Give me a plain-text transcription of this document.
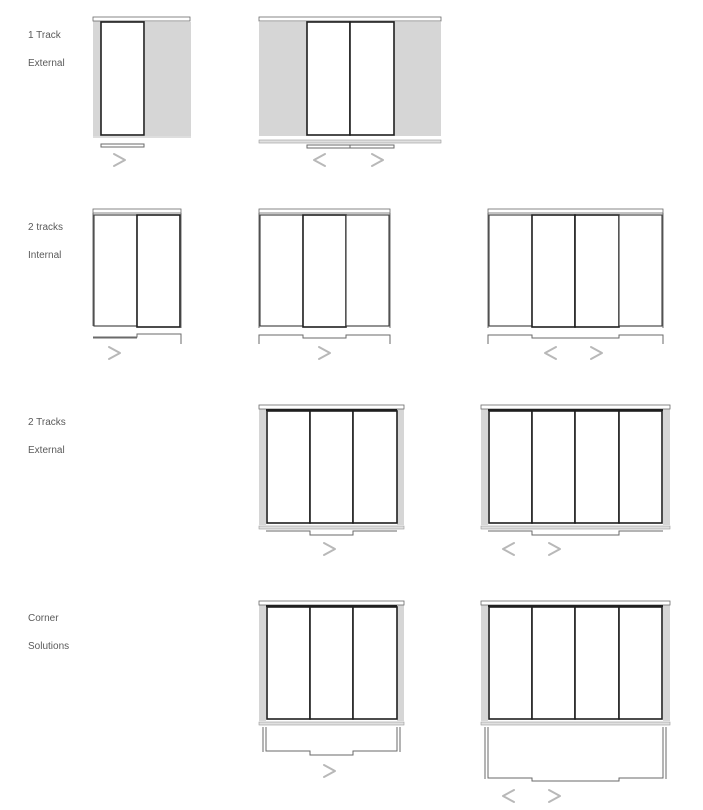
1 Track

External

2 tracks

Internal

2 Tracks

External

Corner

Solutions
